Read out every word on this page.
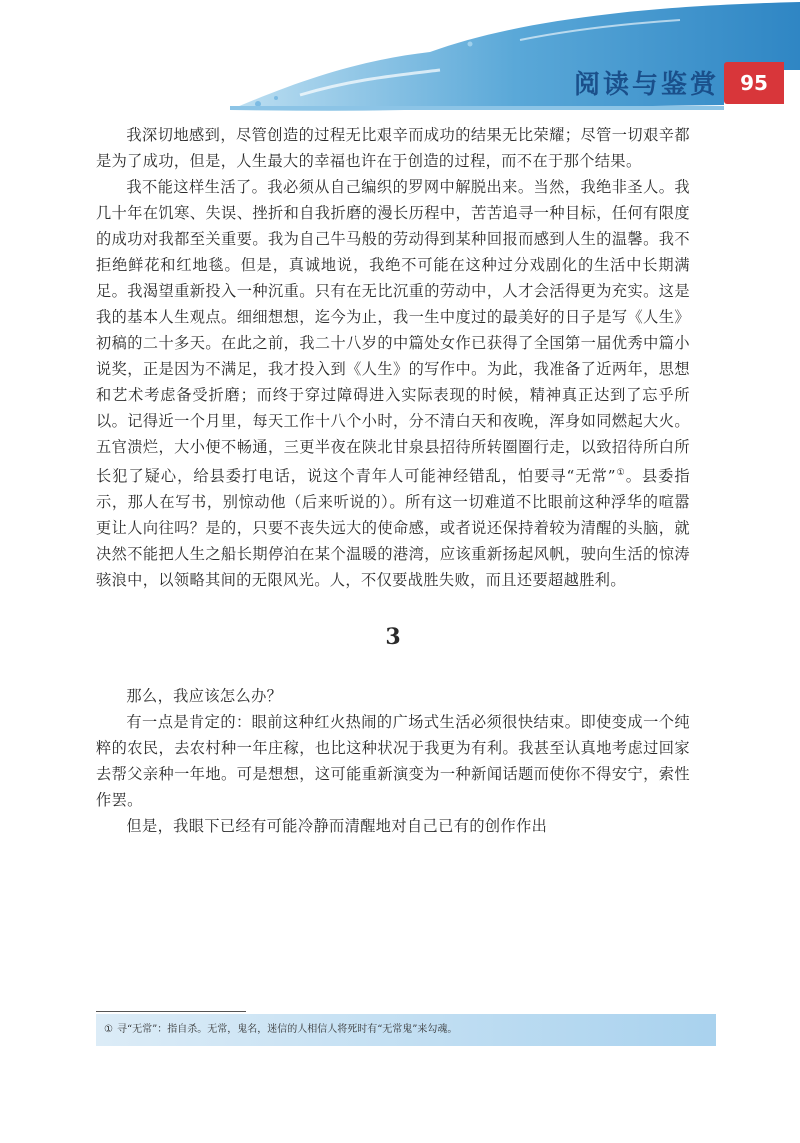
阅读与鉴赏	95

我深切地感到，尽管创造的过程无比艰辛而成功的结果无比荣耀；尽管一切艰辛都是为了成功，但是，人生最大的幸福也许在于创造的过程，而不在于那个结果。

我不能这样生活了。我必须从自己编织的罗网中解脱出来。当然，我绝非圣人。我几十年在饥寒、失误、挫折和自我折磨的漫长历程中，苦苦追寻一种目标，任何有限度的成功对我都至关重要。我为自己牛马般的劳动得到某种回报而感到人生的温馨。我不拒绝鲜花和红地毯。但是，真诚地说，我绝不可能在这种过分戏剧化的生活中长期满足。我渴望重新投入一种沉重。只有在无比沉重的劳动中，人才会活得更为充实。这是我的基本人生观点。细细想想，迄今为止，我一生中度过的最美好的日子是写《人生》初稿的二十多天。在此之前，我二十八岁的中篇处女作已获得了全国第一届优秀中篇小说奖，正是因为不满足，我才投入到《人生》的写作中。为此，我准备了近两年，思想和艺术考虑备受折磨；而终于穿过障碍进入实际表现的时候，精神真正达到了忘乎所以。记得近一个月里，每天工作十八个小时，分不清白天和夜晚，浑身如同燃起大火。五官溃烂，大小便不畅通，三更半夜在陕北甘泉县招待所转圈圈行走，以致招待所白所长犯了疑心，给县委打电话，说这个青年人可能神经错乱，怕要寻“无常”①。县委指示，那人在写书，别惊动他（后来听说的）。所有这一切难道不比眼前这种浮华的喧嚣更让人向往吗？是的，只要不丧失远大的使命感，或者说还保持着较为清醒的头脑，就决然不能把人生之船长期停泊在某个温暖的港湾，应该重新扬起风帆，驶向生活的惊涛骇浪中，以领略其间的无限风光。人，不仅要战胜失败，而且还要超越胜利。

3

那么，我应该怎么办？

有一点是肯定的：眼前这种红火热闹的广场式生活必须很快结束。即使变成一个纯粹的农民，去农村种一年庄稼，也比这种状况于我更为有利。我甚至认真地考虑过回家去帮父亲种一年地。可是想想，这可能重新演变为一种新闻话题而使你不得安宁，索性作罢。

但是，我眼下已经有可能冷静而清醒地对自己已有的创作作出

① 寻“无常”：指自杀。无常，鬼名，迷信的人相信人将死时有“无常鬼”来勾魂。
